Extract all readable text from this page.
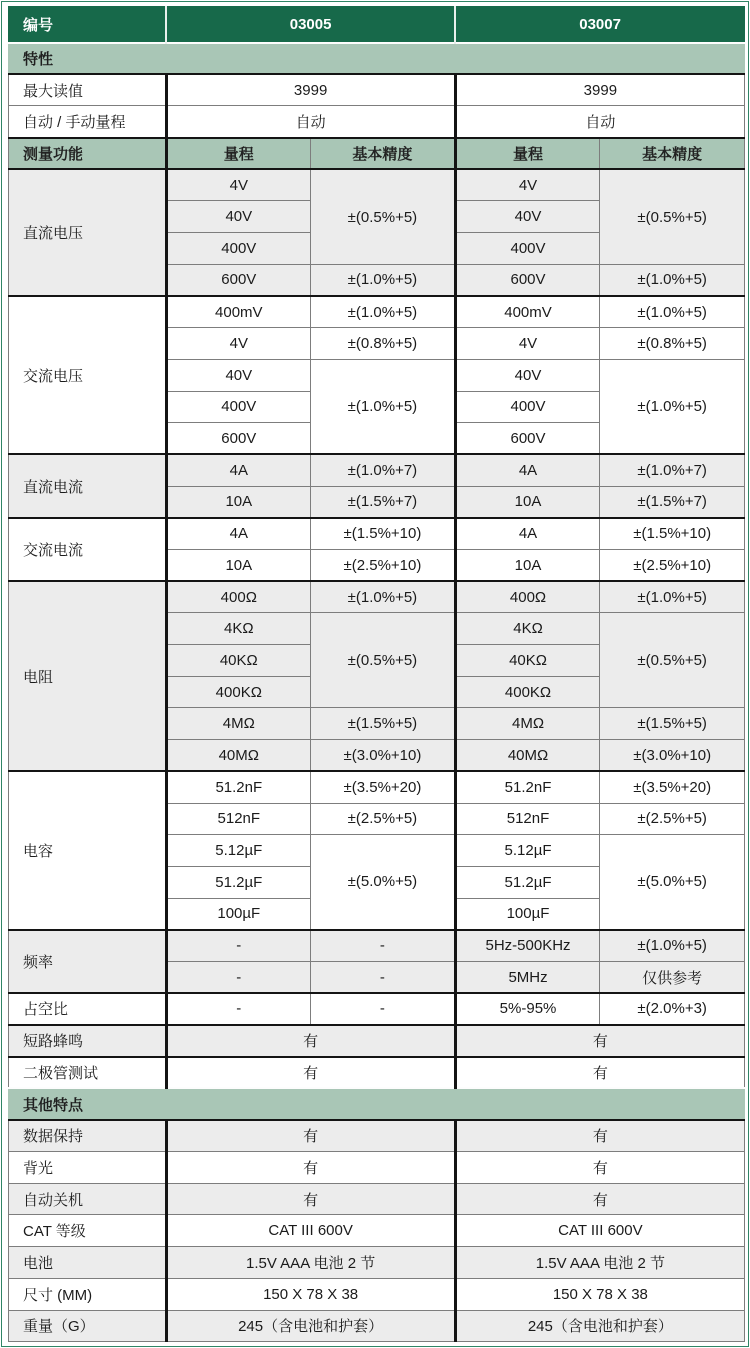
编号	03005		03007	
特性				
最大读值	3999		3999	
自动 / 手动量程	自动		自动	
测量功能	量程	基本精度	量程	基本精度
直流电压	4V	±(0.5%+5)	4V	±(0.5%+5)
	40V		40V	
	400V		400V	
	600V	±(1.0%+5)	600V	±(1.0%+5)
交流电压	400mV	±(1.0%+5)	400mV	±(1.0%+5)
	4V	±(0.8%+5)	4V	±(0.8%+5)
	40V	±(1.0%+5)	40V	±(1.0%+5)
	400V		400V	
	600V		600V	
直流电流	4A	±(1.0%+7)	4A	±(1.0%+7)
	10A	±(1.5%+7)	10A	±(1.5%+7)
交流电流	4A	±(1.5%+10)	4A	±(1.5%+10)
	10A	±(2.5%+10)	10A	±(2.5%+10)
电阻	400Ω	±(1.0%+5)	400Ω	±(1.0%+5)
	4KΩ	±(0.5%+5)	4KΩ	±(0.5%+5)
	40KΩ		40KΩ	
	400KΩ		400KΩ	
	4MΩ	±(1.5%+5)	4MΩ	±(1.5%+5)
	40MΩ	±(3.0%+10)	40MΩ	±(3.0%+10)
电容	51.2nF	±(3.5%+20)	51.2nF	±(3.5%+20)
	512nF	±(2.5%+5)	512nF	±(2.5%+5)
	5.12µF	±(5.0%+5)	5.12µF	±(5.0%+5)
	51.2µF		51.2µF	
	100µF		100µF	
频率	-	-	5Hz-500KHz	±(1.0%+5)
	-	-	5MHz	仅供参考
占空比	-	-	5%-95%	±(2.0%+3)
短路蜂鸣	有		有	
二极管测试	有		有	
其他特点				
数据保持	有		有	
背光	有		有	
自动关机	有		有	
CAT 等级	CAT III 600V		CAT III 600V	
电池	1.5V AAA 电池 2 节		1.5V AAA 电池 2 节	
尺寸 (MM)	150 X 78 X 38		150 X 78 X 38	
重量（G）	245（含电池和护套）		245（含电池和护套）	
